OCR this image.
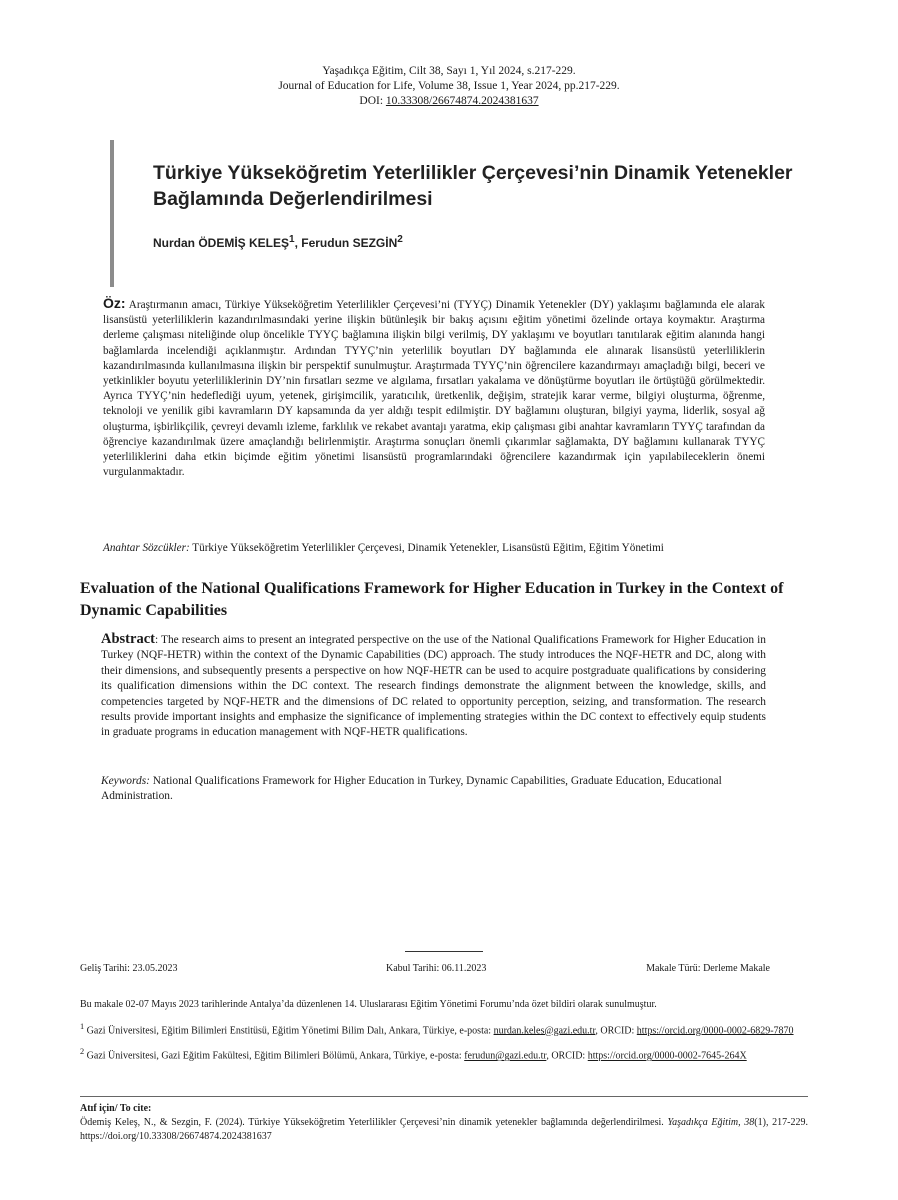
Yaşadıkça Eğitim, Cilt 38, Sayı 1, Yıl 2024, s.217-229.
Journal of Education for Life, Volume 38, Issue 1, Year 2024, pp.217-229.
DOI: 10.33308/26674874.2024381637
Türkiye Yükseköğretim Yeterlilikler Çerçevesi’nin Dinamik Yetenekler Bağlamında Değerlendirilmesi
Nurdan ÖDEMİŞ KELEŞ$^1$, Ferudun SEZGİN$^2$
Öz: Araştırmanın amacı, Türkiye Yükseköğretim Yeterlilikler Çerçevesi’ni (TYYÇ) Dinamik Yetenekler (DY) yaklaşımı bağlamında ele alarak lisansüstü yeterliliklerin kazandırılmasındaki yerine ilişkin bütünleşik bir bakış açısını eğitim yönetimi özelinde ortaya koymaktır. Araştırma derleme çalışması niteliğinde olup öncelikle TYYÇ bağlamına ilişkin bilgi verilmiş, DY yaklaşımı ve boyutları tanıtılarak eğitim alanında hangi bağlamlarda incelendiği açıklanmıştır. Ardından TYYÇ’nin yeterlilik boyutları DY bağlamında ele alınarak lisansüstü yeterliliklerin kazandırılmasında kullanılmasına ilişkin bir perspektif sunulmuştur. Araştırmada TYYÇ’nin öğrencilere kazandırmayı amaçladığı bilgi, beceri ve yetkinlikler boyutu yeterliliklerinin DY’nin fırsatları sezme ve algılama, fırsatları yakalama ve dönüştürme boyutları ile örtüştüğü görülmektedir. Ayrıca TYYÇ’nin hedeflediği uyum, yetenek, girişimcilik, yaratıcılık, üretkenlik, değişim, stratejik karar verme, bilgiyi oluşturma, öğrenme, teknoloji ve yenilik gibi kavramların DY kapsamında da yer aldığı tespit edilmiştir. DY bağlamını oluşturan, bilgiyi yayma, liderlik, sosyal ağ oluşturma, işbirlikçilik, çevreyi devamlı izleme, farklılık ve rekabet avantajı yaratma, ekip çalışması gibi anahtar kavramların TYYÇ tarafından da öğrenciye kazandırılmak üzere amaçlandığı belirlenmiştir. Araştırma sonuçları önemli çıkarımlar sağlamakta, DY bağlamını kullanarak TYYÇ yeterliliklerini daha etkin biçimde eğitim yönetimi lisansüstü programlarındaki öğrencilere kazandırmak için yapılabileceklerin önemi vurgulanmaktadır.
Anahtar Sözcükler: Türkiye Yükseköğretim Yeterlilikler Çerçevesi, Dinamik Yetenekler, Lisansüstü Eğitim, Eğitim Yönetimi
Evaluation of the National Qualifications Framework for Higher Education in Turkey in the Context of Dynamic Capabilities
Abstract: The research aims to present an integrated perspective on the use of the National Qualifications Framework for Higher Education in Turkey (NQF-HETR) within the context of the Dynamic Capabilities (DC) approach. The study introduces the NQF-HETR and DC, along with their dimensions, and subsequently presents a perspective on how NQF-HETR can be used to acquire postgraduate qualifications by considering its qualification dimensions within the DC context. The research findings demonstrate the alignment between the knowledge, skills, and competencies targeted by NQF-HETR and the dimensions of DC related to opportunity perception, seizing, and transformation. The research results provide important insights and emphasize the significance of implementing strategies within the DC context to effectively equip students in graduate programs in education management with NQF-HETR qualifications.
Keywords: National Qualifications Framework for Higher Education in Turkey, Dynamic Capabilities, Graduate Education, Educational Administration.
Geliş Tarihi: 23.05.2023	Kabul Tarihi: 06.11.2023	Makale Türü: Derleme Makale

Bu makale 02-07 Mayıs 2023 tarihlerinde Antalya’da düzenlenen 14. Uluslararası Eğitim Yönetimi Forumu’nda özet bildiri olarak sunulmuştur.

$^1$ Gazi Üniversitesi, Eğitim Bilimleri Enstitüsü, Eğitim Yönetimi Bilim Dalı, Ankara, Türkiye, e-posta: nurdan.keles@gazi.edu.tr, ORCID: https://orcid.org/0000-0002-6829-7870

$^2$ Gazi Üniversitesi, Gazi Eğitim Fakültesi, Eğitim Bilimleri Bölümü, Ankara, Türkiye, e-posta: ferudun@gazi.edu.tr, ORCID: https://orcid.org/0000-0002-7645-264X

Atıf için/ To cite:
Ödemiş Keleş, N., & Sezgin, F. (2024). Türkiye Yükseköğretim Yeterlilikler Çerçevesi’nin dinamik yetenekler bağlamında değerlendirilmesi. Yaşadıkça Eğitim, 38(1), 217-229. https://doi.org/10.33308/26674874.2024381637
